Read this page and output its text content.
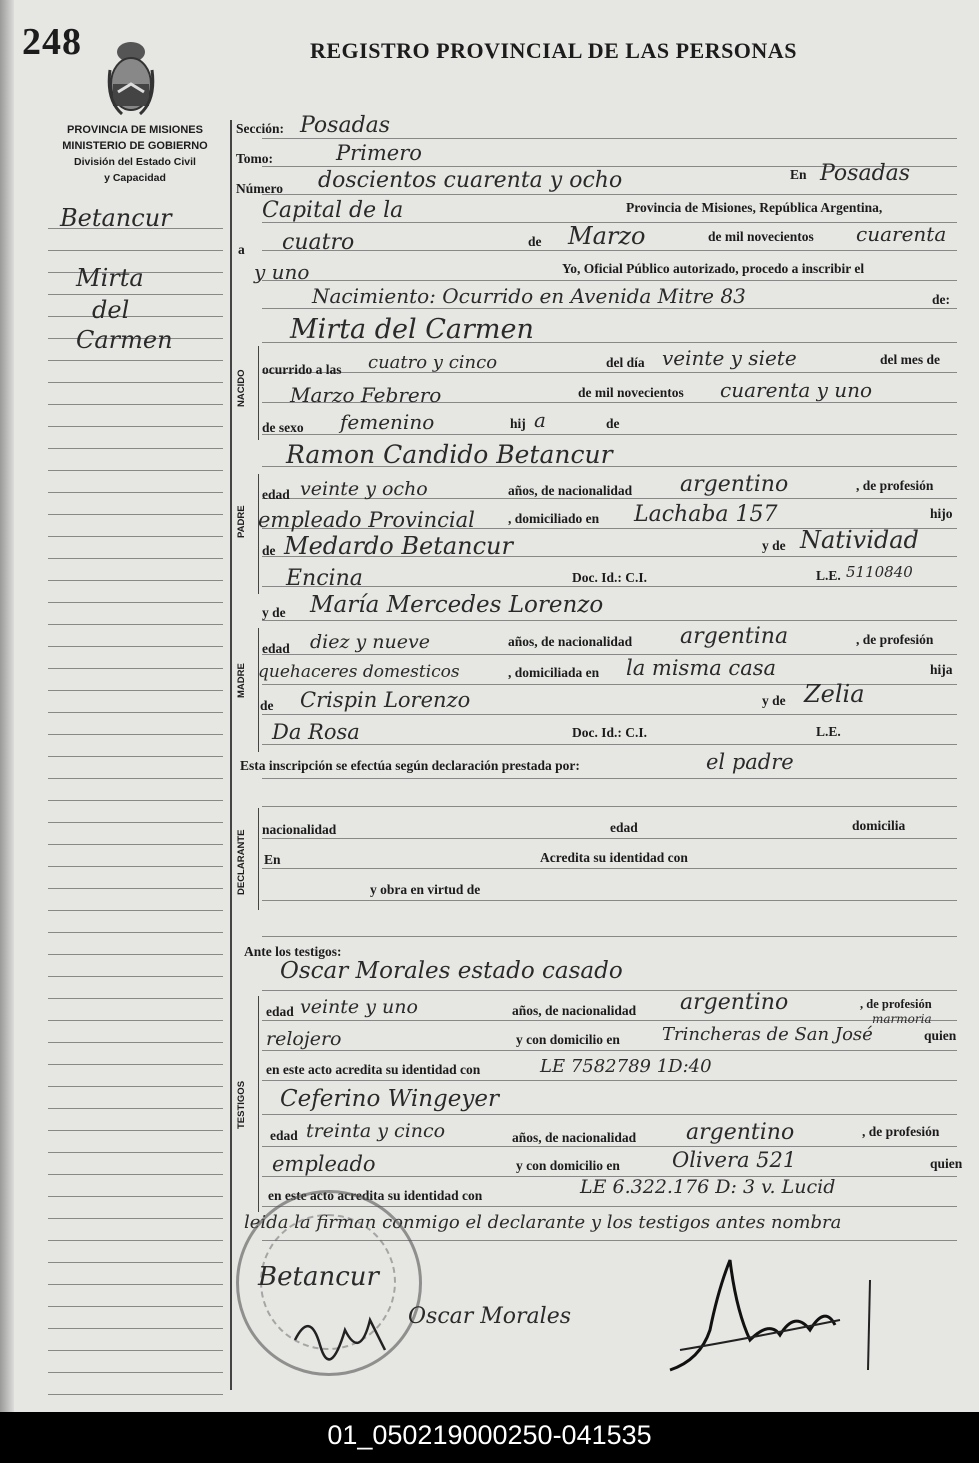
248	REGISTRO PROVINCIAL DE LAS PERSONAS
PROVINCIA DE MISIONES
MINISTERIO DE GOBIERNO
División del Estado Civil
y Capacidad
Betancur
Mirta
del
Carmen
Sección: Posadas
Tomo:	Primero
Número doscientos cuarenta y ocho	En Posadas
Capital de la	Provincia de Misiones, República Argentina,
a cuatro	de Marzo	de mil novecientos cuarenta
y uno	Yo, Oficial Público autorizado, procedo a inscribir el
Nacimiento: Ocurrido en Avenida Mitre 83	de:
Mirta del Carmen
NACIDO	ocurrido a las cuatro y cinco	del día veinte y siete	del mes de
Marzo Febrero	de mil novecientos cuarenta y uno
de sexo femenino	hij a	de
Ramon Candido Betancur
PADRE
edad veinte y ocho	años, de nacionalidad argentino	, de profesión
empleado Provincial , domiciliado en Lachaba 157	hijo
de Medardo Betancur	y de Natividad
Encina	Doc. Id.: C.I.	L.E. 5110840
y de María Mercedes Lorenzo
MADRE
edad diez y nueve	años, de nacionalidad argentina	, de profesión
quehaceres domesticos	, domiciliada en la misma casa	hija
de Crispin Lorenzo	y de Zelia
Da Rosa	Doc. Id.: C.I.	L.E.
Esta inscripción se efectúa según declaración prestada por:	el padre
DECLARANTE	nacionalidad	edad	domicilia
En	Acredita su identidad con
y obra en virtud de
Ante los testigos:
Oscar Morales estado casado
TESTIGOS
edad veinte y uno	años, de nacionalidad argentino	, de profesión
marmoria
relojero	y con domicilio en Trincheras de San José	quien
en este acto acredita su identidad con	LE 7582789 1D:40
Ceferino Wingeyer
edad treinta y cinco	años, de nacionalidad argentino	, de profesión
empleado	y con domicilio en Olivera 521	quien
en este acto acredita su identidad con	LE 6.322.176 D: 3 v. Lucid
leida la firman conmigo el declarante y los testigos antes nombra
Betancur
Oscar Morales
01_050219000250-041535
